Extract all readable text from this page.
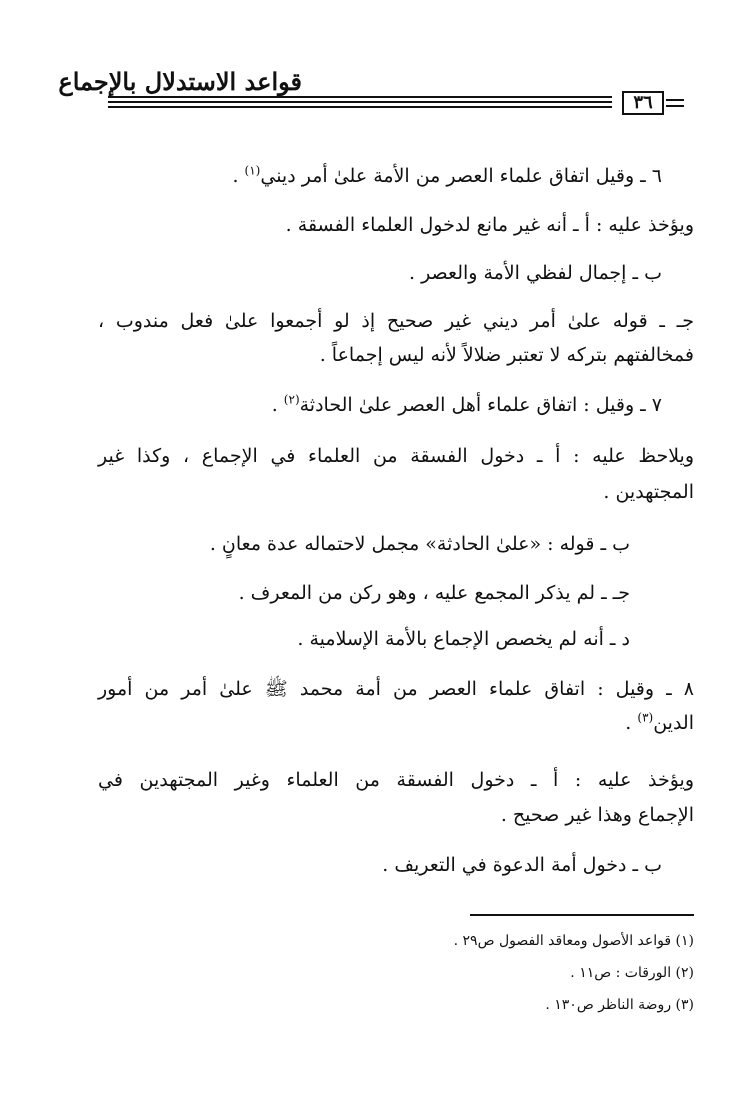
قواعد الاستدلال بالإجماع
٣٦
٦ ـ وقيل اتفاق علماء العصر من الأمة علىٰ أمر ديني$^{(١)}$ .
ويؤخذ عليه : أ ـ أنه غير مانع لدخول العلماء الفسقة .
ب ـ إجمال لفظي الأمة والعصر .
جـ ـ قوله علىٰ أمر ديني غير صحيح إذ لو أجمعوا علىٰ فعل مندوب ،
فمخالفتهم بتركه لا تعتبر ضلالاً لأنه ليس إجماعاً .
٧ ـ وقيل : اتفاق علماء أهل العصر علىٰ الحادثة$^{(٢)}$ .
ويلاحظ عليه : أ ـ دخول الفسقة من العلماء في الإجماع ، وكذا غير
المجتهدين .
ب ـ قوله : «علىٰ الحادثة» مجمل لاحتماله عدة معانٍ .
جـ ـ لم يذكر المجمع عليه ، وهو ركن من المعرف .
د ـ أنه لم يخصص الإجماع بالأمة الإسلامية .
٨ ـ وقيل : اتفاق علماء العصر من أمة محمد ﷺ علىٰ أمر من أمور
الدين$^{(٣)}$ .
ويؤخذ عليه : أ ـ دخول الفسقة من العلماء وغير المجتهدين في
الإجماع وهذا غير صحيح .
ب ـ دخول أمة الدعوة في التعريف .
(١) قواعد الأصول ومعاقد الفصول ص٢٩ .
(٢) الورقات : ص١١ .
(٣) روضة الناظر ص١٣٠ .
